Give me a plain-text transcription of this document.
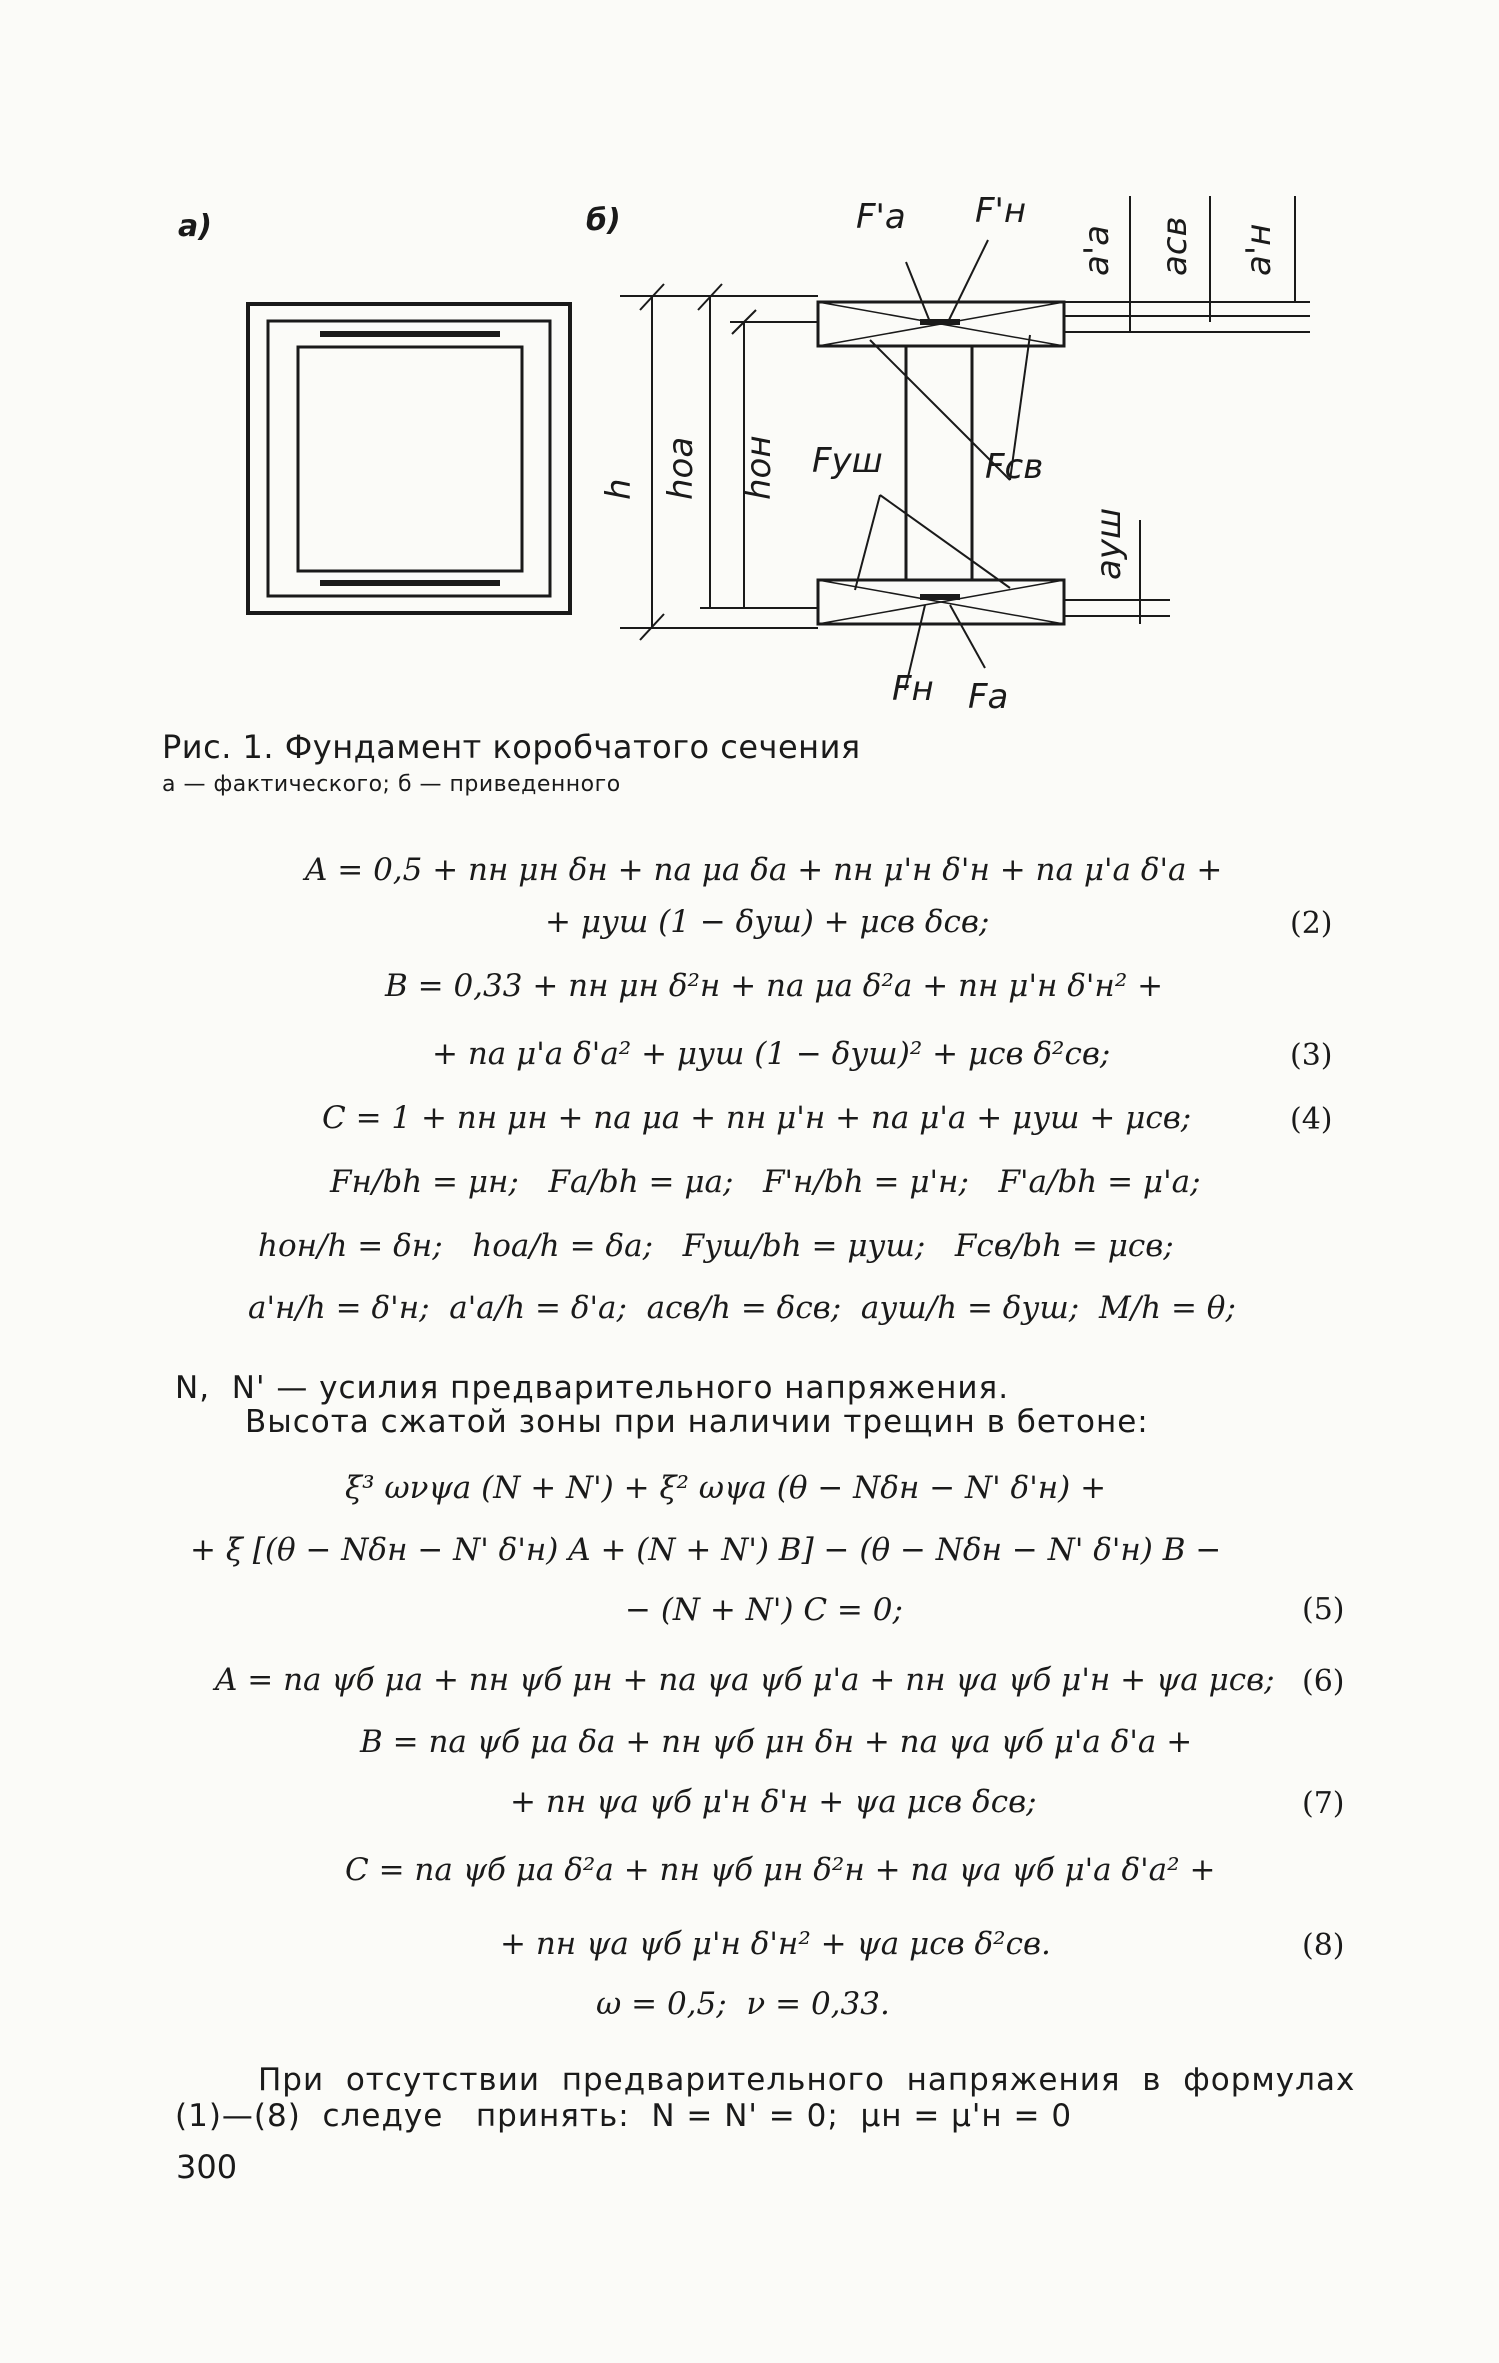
а)	б)	F'а F'н
a'а aсв a'н
h hоа hон Fуш	Fсв
aуш
Fн Fа
Рис. 1. Фундамент коробчатого сечения
а — фактического; б — приведенного
A = 0,5 + nн μн δн + nа μа δа + nн μ'н δ'н + nа μ'а δ'а +
+ μуш (1 − δуш) + μсв δсв;	(2)
B = 0,33 + nн μн δ²н + nа μа δ²а + nн μ'н δ'н² +
+ nа μ'а δ'а² + μуш (1 − δуш)² + μсв δ²св;	(3)
C = 1 + nн μн + nа μа + nн μ'н + nа μ'а + μуш + μсв;	(4)
Fн/bh = μн;   Fа/bh = μа;   F'н/bh = μ'н;   F'а/bh = μ'а;
hон/h = δн;   hоа/h = δа;   Fуш/bh = μуш;   Fсв/bh = μсв;
a'н/h = δ'н;  a'а/h = δ'а;  aсв/h = δсв;  aуш/h = δуш;  M/h = θ;
N,  N' — усилия предварительного напряжения.
Высота сжатой зоны при наличии трещин в бетоне:
ξ³ ωνψа (N + N') + ξ² ωψа (θ − Nδн − N' δ'н) +
+ ξ [(θ − Nδн − N' δ'н) A + (N + N') B] − (θ − Nδн − N' δ'н) B −
− (N + N') C = 0;	(5)
A = nа ψб μа + nн ψб μн + nа ψа ψб μ'а + nн ψа ψб μ'н + ψа μсв; (6)
B = nа ψб μа δа + nн ψб μн δн + nа ψа ψб μ'а δ'а +
+ nн ψа ψб μ'н δ'н + ψа μсв δсв;	(7)
C = nа ψб μа δ²а + nн ψб μн δ²н + nа ψа ψб μ'а δ'а² +
+ nн ψа ψб μ'н δ'н² + ψа μсв δ²св.	(8)
ω = 0,5;  ν = 0,33.
При  отсутствии  предварительного  напряжения  в  формулах
(1)—(8)  следуе   принять:  N = N' = 0;  μн = μ'н = 0
300
